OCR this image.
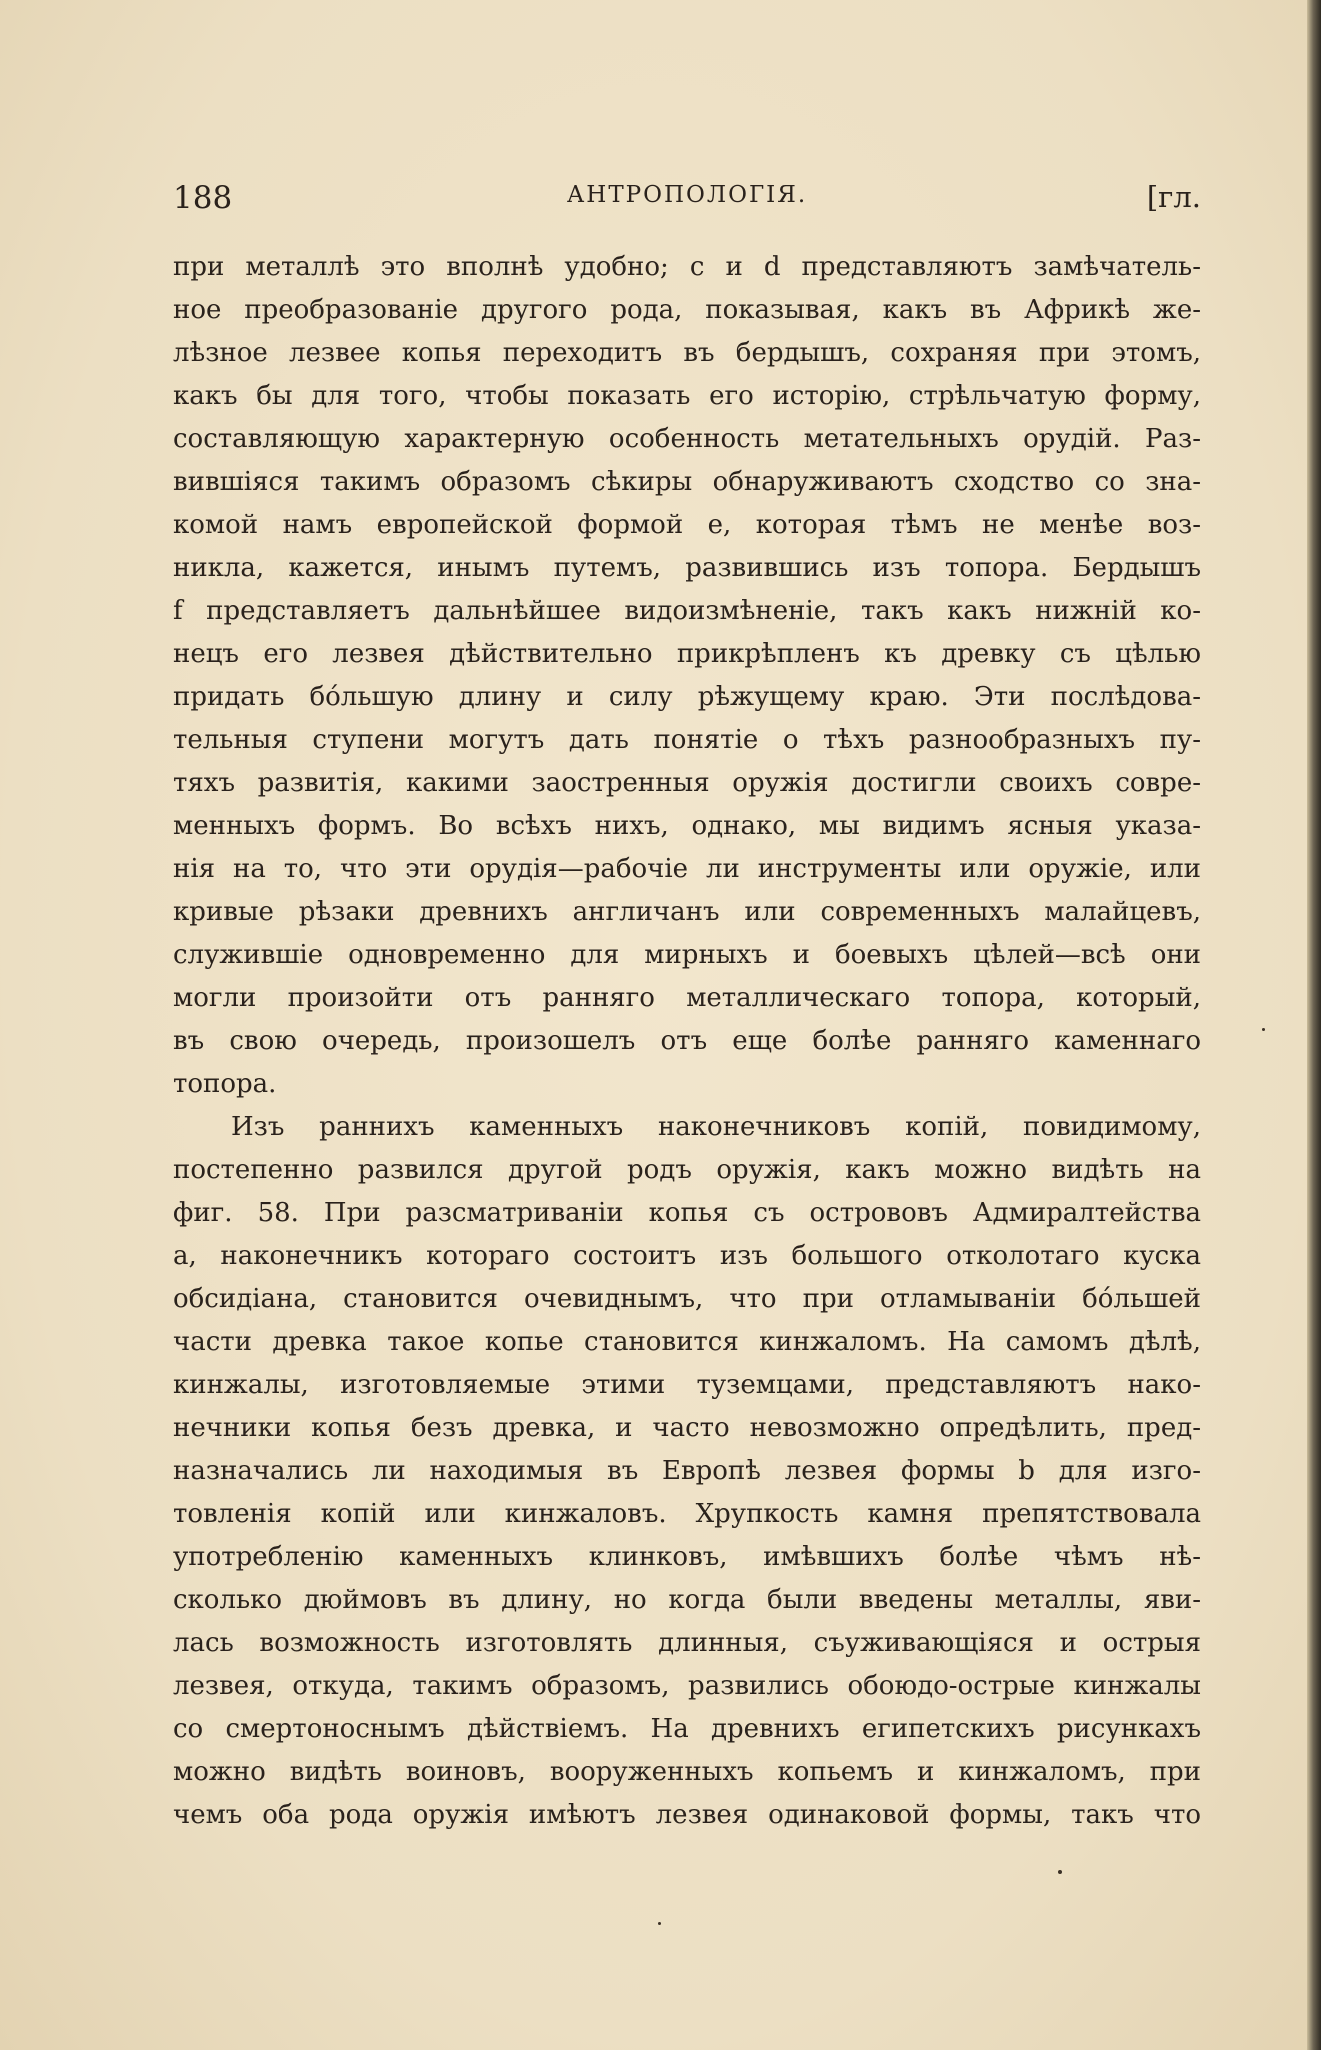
188	АНТРОПОЛОГІЯ.	[гл.
при металлѣ это вполнѣ удобно; c и d представляютъ замѣчатель-
ное преобразованіе другого рода, показывая, какъ въ Африкѣ же-
лѣзное лезвее копья переходитъ въ бердышъ, сохраняя при этомъ,
какъ бы для того, чтобы показать его исторію, стрѣльчатую форму,
составляющую характерную особенность метательныхъ орудій. Раз-
вившіяся такимъ образомъ сѣкиры обнаруживаютъ сходство со зна-
комой намъ европейской формой e, которая тѣмъ не менѣе воз-
никла, кажется, инымъ путемъ, развившись изъ топора. Бердышъ
f представляетъ дальнѣйшее видоизмѣненіе, такъ какъ нижній ко-
нецъ его лезвея дѣйствительно прикрѣпленъ къ древку съ цѣлью
придать бо́льшую длину и силу рѣжущему краю. Эти послѣдова-
тельныя ступени могутъ дать понятіе о тѣхъ разнообразныхъ пу-
тяхъ развитія, какими заостренныя оружія достигли своихъ совре-
менныхъ формъ. Во всѣхъ нихъ, однако, мы видимъ ясныя указа-
нія на то, что эти орудія—рабочіе ли инструменты или оружіе, или
кривые рѣзаки древнихъ англичанъ или современныхъ малайцевъ,
служившіе одновременно для мирныхъ и боевыхъ цѣлей—всѣ они
могли произойти отъ ранняго металлическаго топора, который,
въ свою очередь, произошелъ отъ еще болѣе ранняго каменнаго
топора.
Изъ раннихъ каменныхъ наконечниковъ копій, повидимому,
постепенно развился другой родъ оружія, какъ можно видѣть на
фиг. 58. При разсматриваніи копья съ острововъ Адмиралтейства
a, наконечникъ котораго состоитъ изъ большого отколотаго куска
обсидіана, становится очевиднымъ, что при отламываніи бо́льшей
части древка такое копье становится кинжаломъ. На самомъ дѣлѣ,
кинжалы, изготовляемые этими туземцами, представляютъ нако-
нечники копья безъ древка, и часто невозможно опредѣлить, пред-
назначались ли находимыя въ Европѣ лезвея формы b для изго-
товленія копій или кинжаловъ. Хрупкость камня препятствовала
употребленію каменныхъ клинковъ, имѣвшихъ болѣе чѣмъ нѣ-
сколько дюймовъ въ длину, но когда были введены металлы, яви-
лась возможность изготовлять длинныя, съуживающіяся и острыя
лезвея, откуда, такимъ образомъ, развились обоюдо-острые кинжалы
со смертоноснымъ дѣйствіемъ. На древнихъ египетскихъ рисункахъ
можно видѣть воиновъ, вооруженныхъ копьемъ и кинжаломъ, при
чемъ оба рода оружія имѣютъ лезвея одинаковой формы, такъ что
